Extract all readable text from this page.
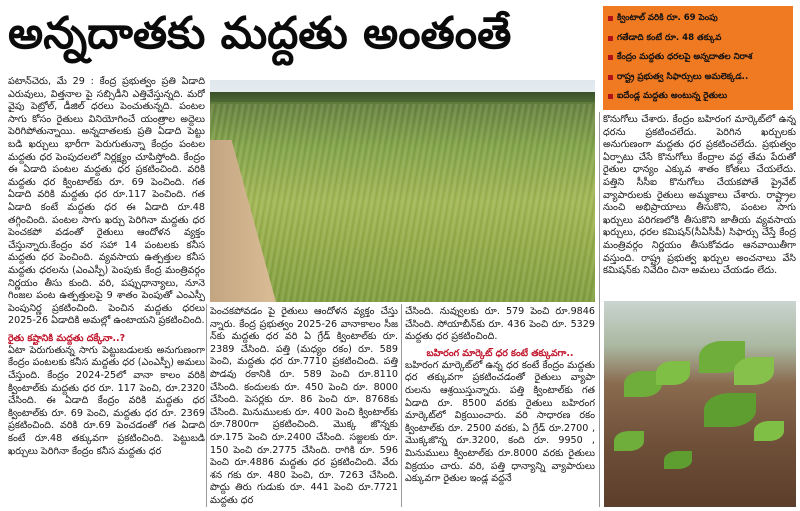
అన్నదాతకు మద్దతు అంతంతే	క్వింటాల్ వరికి రూ. 69 పెంపు
గతేడాది కంటే రూ. 48 తక్కువ
కేంద్రం మద్దతు ధరలపై అన్నదాతల నిరాశ
రాష్ట్ర ప్రభుత్వ సిఫార్సులు అమలెక్కడ..
ఐదేండ్ల మద్దతు అంటున్న రైతులు

పటాన్‌చెరు, మే 29 : కేంద్ర ప్రభుత్వం ప్రతి ఏడాది ఎరువులు, విత్తనాల పై సబ్సిడీని ఎత్తివేస్తున్నది. మరో వైపు పెట్రోల్, డీజిల్ ధరలు పెంచుతున్నది. పంటల సాగు కోసం రైతులు వినియోగించే యంత్రాల అద్దెలు పెరిగిపోతున్నాయి. అన్నదాతలకు ప్రతి ఏడాది పెట్టు బడి ఖర్చులు భారీగా పెరుగుతున్నా కేంద్రం పంటల మద్దతు ధర పెంపుదలలో నిర్లక్ష్యం చూపిస్తోంది. కేంద్రం ఈ ఏడాది పంటల మద్దతు ధర ప్రకటించింది. వరికి మద్దతు ధర క్వింటాల్‌కు రూ. 69 పెంచింది. గత ఏడాది వరికి మద్దతు ధర రూ.117 పెంచింది. గత ఏడాది కంటే మద్దతు ధర ఈ ఏడాది రూ.48 తగ్గించింది. పంటల సాగు ఖర్చు పెరిగినా మద్దతు ధర పెంచకపో వడంతో రైతులు ఆందోళన వ్యక్తం చేస్తున్నారు.కేంద్రం వర సహా 14 పంటలకు కనీస మద్దతు ధర పెంచింది. వ్యవసాయ ఉత్పత్తుల కనీస మద్దతు ధరలను (ఎంఎస్పీ) పెంపుకు కేంద్ర మంత్రివర్గం నిర్ణయం తీసు కుంది. వరి, పప్పుధాన్యాలు, నూనె గింజల పంట ఉత్పత్తులపై 9 శాతం పెంపుతో ఎంఎస్పీ పెంపునిర్ణ ప్రకటించింది. పెంచిన మద్దతు ధరలు 2025-26 ఏడాదికి అమల్లో ఉంటాయని ప్రకటించింది.

రైతు కష్టానికి మద్దతు దక్కేనా..?

ఏటా పెరుగుతున్న సాగు పెట్టుబడులకు అనుగుణంగా కేంద్రం పంటలకు కనీస మద్దతు ధర (ఎంఎస్పీ) అమలు చేస్తుంది. కేంద్రం 2024-25లో వానా కాలం వరికి క్వింటాల్‌కు మద్దతు ధర రూ. 117 పెంచి, రూ.2320 చేసింది. ఈ ఏడాది కేంద్రం వరికి మద్దతు ధర క్వింటాల్‌కు రూ. 69 పెంచి, మద్దతు ధర రూ. 2369 ప్రకటించింది. వరికి రూ.69 పెంచడంతో గత ఏడాది కంటే రూ.48 తక్కువగా ప్రకటించింది. పెట్టుబడి ఖర్చులు పెరిగినా కేంద్రం కనీస మద్దతు ధర

పెంచకపోవడం పై రైతులు ఆందోళన వ్యక్తం చేస్తు న్నారు. కేంద్ర ప్రభుత్వం 2025-26 వానాకాలం సీజ న్‌కు మద్దతు ధర వరి ఏ గ్రేడ్ క్వింటాల్‌కు రూ. 2389 చేసింది. పత్తి (మధ్యం రకం) రూ. 589 పెంచి, మద్దతు ధర రూ.7710 ప్రకటించింది. పత్తి పొడవు రకానికి రూ. 589 పెంచి రూ.8110 చేసింది. కందులకు రూ. 450 పెంచి రూ. 8000 చేసింది. పెసర్లకు రూ. 86 పెంచి రూ. 8768కు చేసింది. మినుములకు రూ. 400 పెంచి క్వింటాల్‌కు రూ.7800గా ప్రకటించింది. మొక్క జొన్నకు రూ.175 పెంచి రూ.2400 చేసింది. సజ్జలకు రూ. 150 పెంచి రూ.2775 చేసింది. రాగికి రూ. 596 పెంచి రూ.4886 మద్దతు ధర ప్రకటించింది. వేరు శన గకు రూ. 480 పెంచి, రూ. 7263 చేసింది. పొద్దు తిరు గుడుకు రూ. 441 పెంచి రూ.7721 మద్దతు ధర

చేసింది. నువ్వులకు రూ. 579 పెంచి రూ.9846 చేసింది. సోయాబీన్‌కు రూ. 436 పెంచి రూ. 5329 మద్దతు ధర ప్రకటించింది.

బహిరంగ మార్కెట్ ధర కంటే తక్కువగా..

బహిరంగ మార్కెట్‌లో ఉన్న ధర కంటే కేంద్రం మద్దతు ధర తక్కువగా ప్రకటించడంతో రైతులు వ్యాపా రులను ఆశ్రయిస్తున్నారు. పత్తి క్వింటాల్‌కు గత ఏడాది రూ. 8500 వరకు రైతులు బహిరంగ మార్కెట్‌లో విక్రయించారు. వరి సాధారణ రకం క్వింటాల్‌కు రూ. 2500 వరకు, ఏ గ్రేడ్ రూ.2700 , మొక్కజొన్న రూ.3200, కంది రూ. 9950 , మినుములు క్వింటాల్‌కు రూ.8000 వరకు రైతులు విక్రయం చారు. వరి, పత్తి ధాన్యాన్ని వ్యాపారులు ఎక్కువగా రైతుల ఇండ్ల వద్దనే

కొనుగోలు చేశారు. కేంద్రం బహిరంగ మార్కెట్‌లో ఉన్న ధరను ప్రకటించలేదు. పెరిగిన ఖర్చులకు అనుగుణంగా మద్దతు ధర ప్రకటించలేదు. ప్రభుత్వం ఏర్పాటు చేసే కొనుగోలు కేంద్రాల వద్ద తేమ పేరుతో రైతుల ధాన్యం ఎక్కువ శాతం కోతలు చేయలేదు. పత్తిని సీసీఐ కొనుగోలు చేయకపోతే ప్రైవేట్ వ్యాపారులకు రైతులు అమ్మకాలు చేశారు. రాష్ట్రాల నుంచి అభిప్రాయాలు తీసుకొని, పంటల సాగు ఖర్చులు పరిగణలోకి తీసుకొని జాతీయ వ్యవసాయ ఖర్చులు, ధరల కమిషన్(సీఏసీపీ) సిఫార్సు చేస్తే కేంద్ర మంత్రివర్గం నిర్ణయం తీసుకోవడం ఆనవాయితీగా వస్తుంది. రాష్ట్ర ప్రభుత్వ ఖర్చుల అంచనాలు వేసి కమిషన్‌కు నివేదిం చినా అమలు చేయడం లేదు.
